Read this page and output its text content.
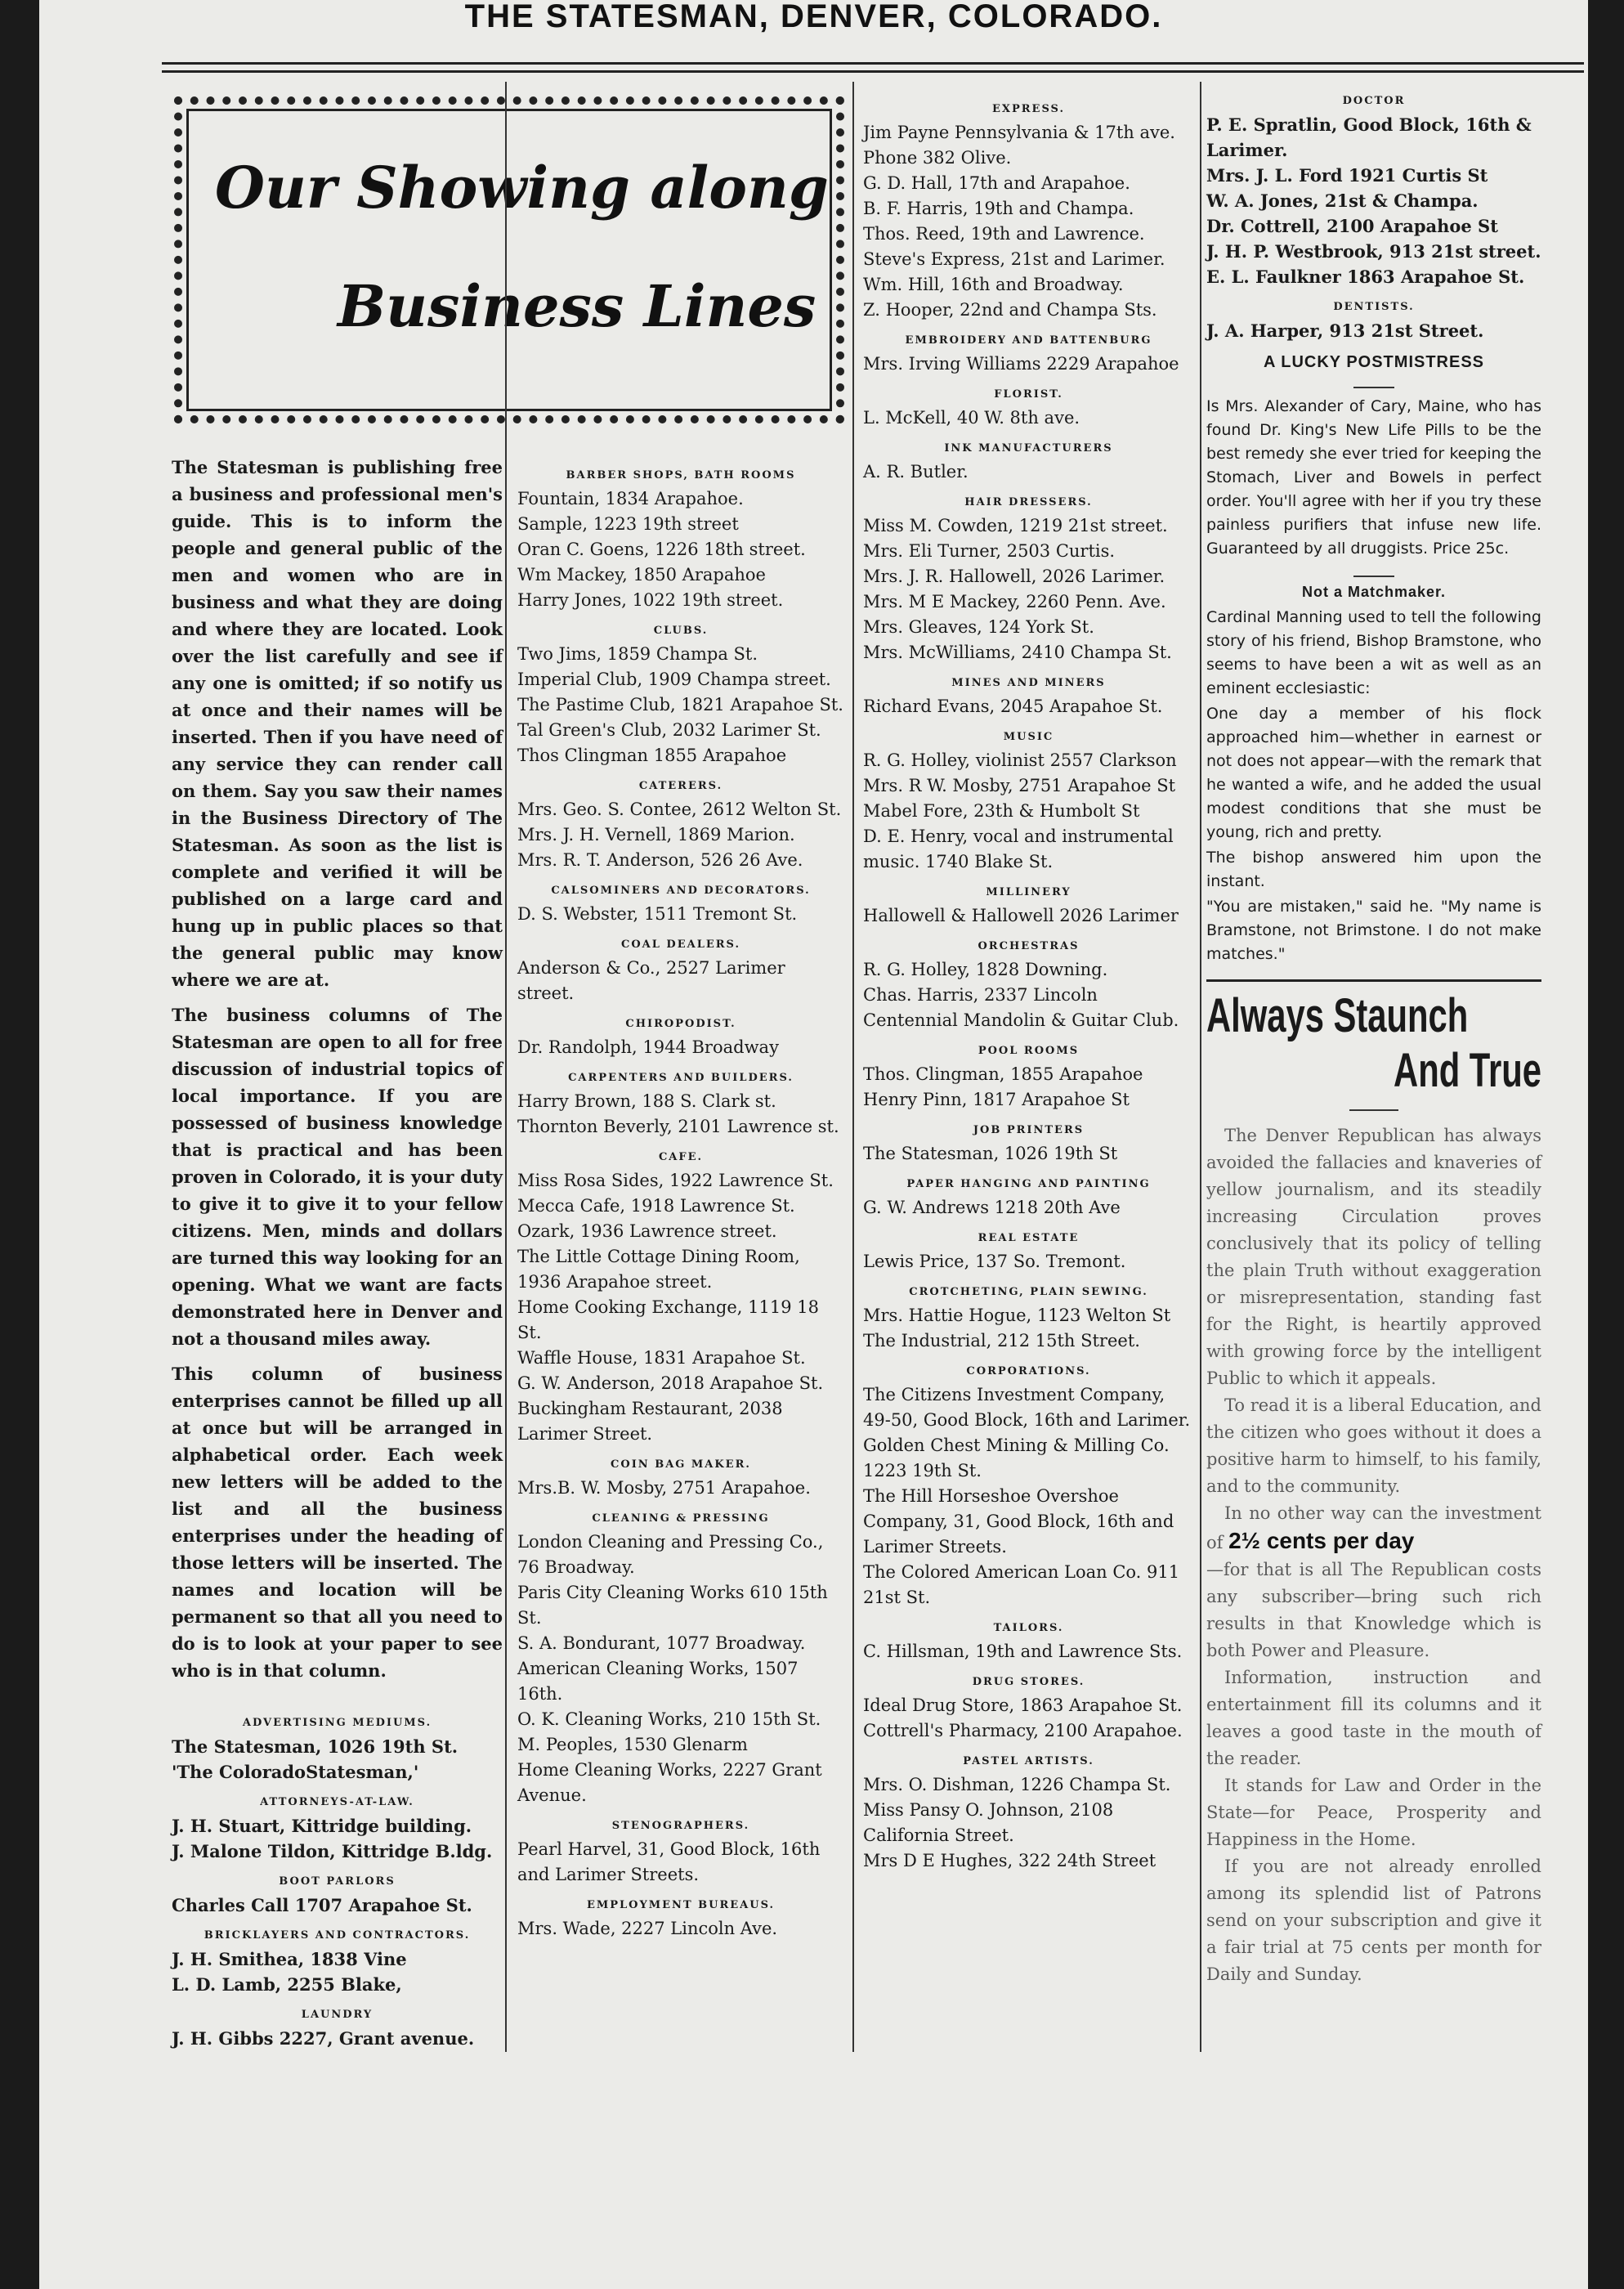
THE STATESMAN, DENVER, COLORADO.
Our Showing along
Business Lines

The Statesman is publishing free a business and professional men's guide. This is to inform the people and general public of the men and women who are in business and what they are doing and where they are located. Look over the list carefully and see if any one is omitted; if so notify us at once and their names will be inserted. Then if you have need of any service they can render call on them. Say you saw their names in the Business Directory of The Statesman. As soon as the list is complete and verified it will be published on a large card and hung up in public places so that the general public may know where we are at.

The business columns of The Statesman are open to all for free discussion of industrial topics of local importance. If you are possessed of business knowledge that is practical and has been proven in Colorado, it is your duty to give it to give it to your fellow citizens. Men, minds and dollars are turned this way looking for an opening. What we want are facts demonstrated here in Denver and not a thousand miles away.

This column of business enterprises cannot be filled up all at once but will be arranged in alphabetical order. Each week new letters will be added to the list and all the business enterprises under the heading of those letters will be inserted. The names and location will be permanent so that all you need to do is to look at your paper to see who is in that column.

ADVERTISING MEDIUMS.
The Statesman, 1026 19th St.
'The ColoradoStatesman,'
ATTORNEYS-AT-LAW.
J. H. Stuart, Kittridge building.
J. Malone Tildon, Kittridge B.ldg.
BOOT PARLORS
Charles Call 1707 Arapahoe St.
BRICKLAYERS AND CONTRACTORS.
J. H. Smithea, 1838 Vine
L. D. Lamb, 2255 Blake,
LAUNDRY
J. H. Gibbs 2227, Grant avenue.
BARBER SHOPS, BATH ROOMS
Fountain, 1834 Arapahoe.
Sample, 1223 19th street
Oran C. Goens, 1226 18th street.
Wm Mackey, 1850 Arapahoe
Harry Jones, 1022 19th street.
CLUBS.
Two Jims, 1859 Champa St.
Imperial Club, 1909 Champa street.
The Pastime Club, 1821 Arapahoe St.
Tal Green's Club, 2032 Larimer St.
Thos Clingman 1855 Arapahoe
CATERERS.
Mrs. Geo. S. Contee, 2612 Welton St.
Mrs. J. H. Vernell, 1869 Marion.
Mrs. R. T. Anderson, 526 26 Ave.
CALSOMINERS AND DECORATORS.
D. S. Webster, 1511 Tremont St.
COAL DEALERS.
Anderson & Co., 2527 Larimer street.
CHIROPODIST.
Dr. Randolph, 1944 Broadway
CARPENTERS AND BUILDERS.
Harry Brown, 188 S. Clark st.
Thornton Beverly, 2101 Lawrence st.
CAFE.
Miss Rosa Sides, 1922 Lawrence St.
Mecca Cafe, 1918 Lawrence St.
Ozark, 1936 Lawrence street.
The Little Cottage Dining Room, 1936 Arapahoe street.
Home Cooking Exchange, 1119 18 St.
Waffle House, 1831 Arapahoe St.
G. W. Anderson, 2018 Arapahoe St.
Buckingham Restaurant, 2038 Larimer Street.
COIN BAG MAKER.
Mrs.B. W. Mosby, 2751 Arapahoe.
CLEANING & PRESSING
London Cleaning and Pressing Co., 76 Broadway.
Paris City Cleaning Works 610 15th St.
S. A. Bondurant, 1077 Broadway.
American Cleaning Works, 1507 16th.
O. K. Cleaning Works, 210 15th St.
M. Peoples, 1530 Glenarm
Home Cleaning Works, 2227 Grant Avenue.
STENOGRAPHERS.
Pearl Harvel, 31, Good Block, 16th and Larimer Streets.
EMPLOYMENT BUREAUS.
Mrs. Wade, 2227 Lincoln Ave.
EXPRESS.
Jim Payne Pennsylvania & 17th ave. Phone 382 Olive.
G. D. Hall, 17th and Arapahoe.
B. F. Harris, 19th and Champa.
Thos. Reed, 19th and Lawrence.
Steve's Express, 21st and Larimer.
Wm. Hill, 16th and Broadway.
Z. Hooper, 22nd and Champa Sts.
EMBROIDERY AND BATTENBURG
Mrs. Irving Williams 2229 Arapahoe
FLORIST.
L. McKell, 40 W. 8th ave.
INK MANUFACTURERS
A. R. Butler.
HAIR DRESSERS.
Miss M. Cowden, 1219 21st street.
Mrs. Eli Turner, 2503 Curtis.
Mrs. J. R. Hallowell, 2026 Larimer.
Mrs. M E Mackey, 2260 Penn. Ave.
Mrs. Gleaves, 124 York St.
Mrs. McWilliams, 2410 Champa St.
MINES AND MINERS
Richard Evans, 2045 Arapahoe St.
MUSIC
R. G. Holley, violinist 2557 Clarkson
Mrs. R W. Mosby, 2751 Arapahoe St
Mabel Fore, 23th & Humbolt St
D. E. Henry, vocal and instrumental music. 1740 Blake St.
MILLINERY
Hallowell & Hallowell 2026 Larimer
ORCHESTRAS
R. G. Holley, 1828 Downing.
Chas. Harris, 2337 Lincoln
Centennial Mandolin & Guitar Club.
POOL ROOMS
Thos. Clingman, 1855 Arapahoe
Henry Pinn, 1817 Arapahoe St
JOB PRINTERS
The Statesman, 1026 19th St
PAPER HANGING AND PAINTING
G. W. Andrews 1218 20th Ave
REAL ESTATE
Lewis Price, 137 So. Tremont.
CROTCHETING, PLAIN SEWING.
Mrs. Hattie Hogue, 1123 Welton St
The Industrial, 212 15th Street.
CORPORATIONS.
The Citizens Investment Company, 49-50, Good Block, 16th and Larimer.
Golden Chest Mining & Milling Co. 1223 19th St.
The Hill Horseshoe Overshoe Company, 31, Good Block, 16th and Larimer Streets.
The Colored American Loan Co. 911 21st St.
TAILORS.
C. Hillsman, 19th and Lawrence Sts.
DRUG STORES.
Ideal Drug Store, 1863 Arapahoe St.
Cottrell's Pharmacy, 2100 Arapahoe.
PASTEL ARTISTS.
Mrs. O. Dishman, 1226 Champa St.
Miss Pansy O. Johnson, 2108 California Street.
Mrs D E Hughes, 322 24th Street
DOCTOR
P. E. Spratlin, Good Block, 16th & Larimer.
Mrs. J. L. Ford 1921 Curtis St
W. A. Jones, 21st & Champa.
Dr. Cottrell, 2100 Arapahoe St
J. H. P. Westbrook, 913 21st street.
E. L. Faulkner 1863 Arapahoe St.
DENTISTS.
J. A. Harper, 913 21st Street.
A LUCKY POSTMISTRESS
Is Mrs. Alexander of Cary, Maine, who has found Dr. King's New Life Pills to be the best remedy she ever tried for keeping the Stomach, Liver and Bowels in perfect order. You'll agree with her if you try these painless purifiers that infuse new life. Guaranteed by all druggists. Price 25c.
Not a Matchmaker.

Cardinal Manning used to tell the following story of his friend, Bishop Bramstone, who seems to have been a wit as well as an eminent ecclesiastic:

One day a member of his flock approached him—whether in earnest or not does not appear—with the remark that he wanted a wife, and he added the usual modest conditions that she must be young, rich and pretty.

The bishop answered him upon the instant.

"You are mistaken," said he. "My name is Bramstone, not Brimstone. I do not make matches."

Always Staunch
And True

The Denver Republican has always avoided the fallacies and knaveries of yellow journalism, and its steadily increasing Circulation proves conclusively that its policy of telling the plain Truth without exaggeration or misrepresentation, standing fast for the Right, is heartily approved with growing force by the intelligent Public to which it appeals.

To read it is a liberal Education, and the citizen who goes without it does a positive harm to himself, to his family, and to the community.

In no other way can the investment of 2½ cents per day

—for that is all The Republican costs any subscriber—bring such rich results in that Knowledge which is both Power and Pleasure.

Information, instruction and entertainment fill its columns and it leaves a good taste in the mouth of the reader.

It stands for Law and Order in the State—for Peace, Prosperity and Happiness in the Home.

If you are not already enrolled among its splendid list of Patrons send on your subscription and give it a fair trial at 75 cents per month for Daily and Sunday.
